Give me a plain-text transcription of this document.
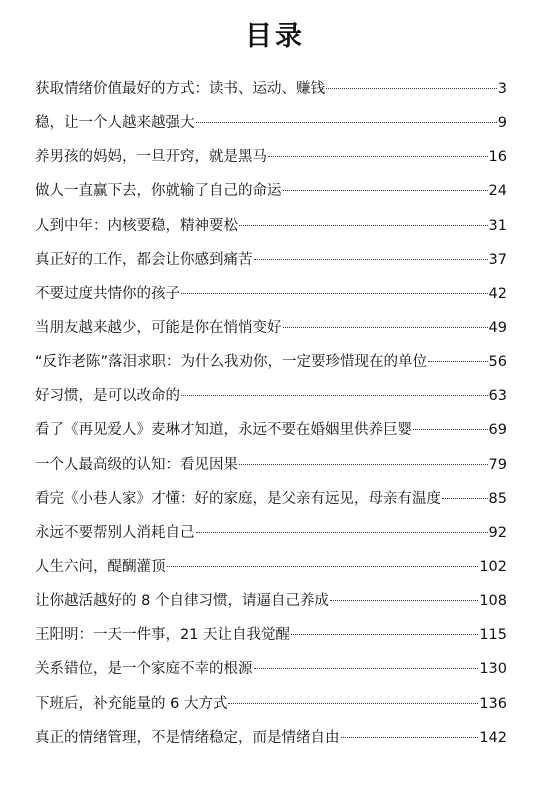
目录
获取情绪价值最好的方式：读书、运动、赚钱	3
稳，让一个人越来越强大	9
养男孩的妈妈，一旦开窍，就是黑马	16
做人一直赢下去，你就输了自己的命运	24
人到中年：内核要稳，精神要松	31
真正好的工作，都会让你感到痛苦	37
不要过度共情你的孩子	42
当朋友越来越少，可能是你在悄悄变好	49
“反诈老陈”落泪求职：为什么我劝你，一定要珍惜现在的单位	56
好习惯，是可以改命的	63
看了《再见爱人》麦琳才知道，永远不要在婚姻里供养巨婴	69
一个人最高级的认知：看见因果	79
看完《小巷人家》才懂：好的家庭，是父亲有远见，母亲有温度	85
永远不要帮别人消耗自己	92
人生六问，醍醐灌顶	102
让你越活越好的 8 个自律习惯，请逼自己养成	108
王阳明：一天一件事，21 天让自我觉醒	115
关系错位，是一个家庭不幸的根源	130
下班后，补充能量的 6 大方式	136
真正的情绪管理，不是情绪稳定，而是情绪自由	142
